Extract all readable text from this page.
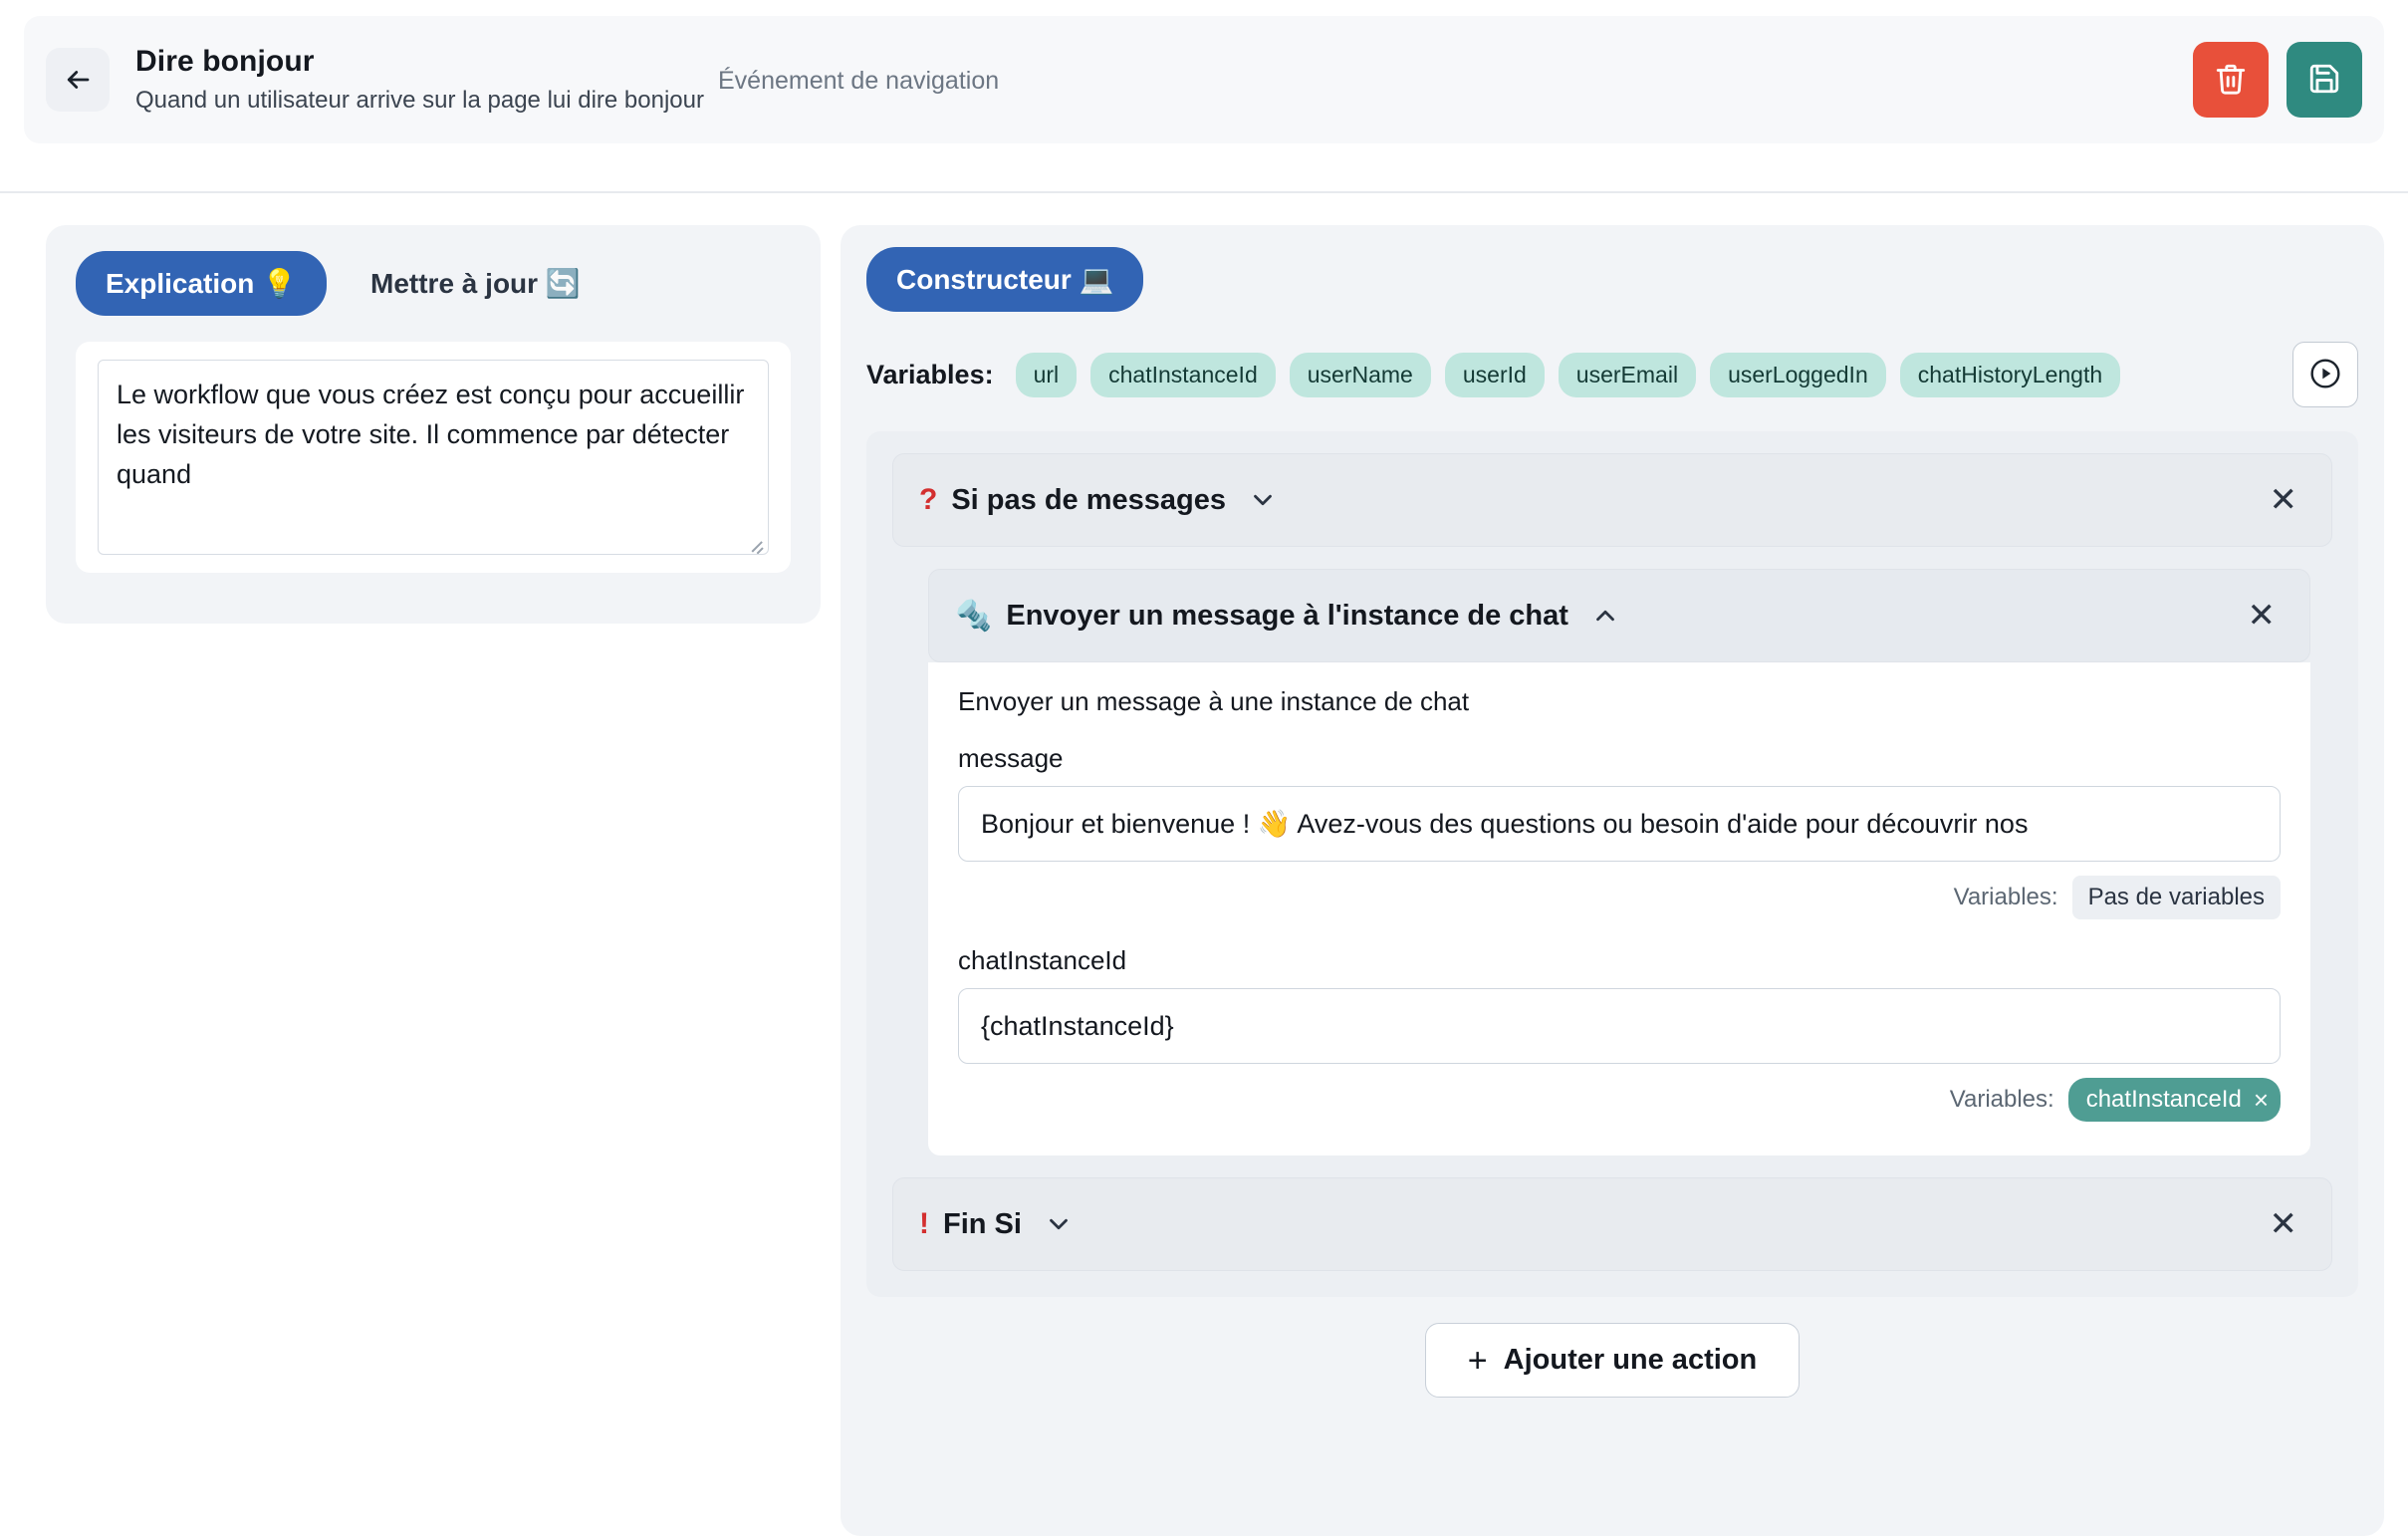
Dire bonjour
Quand un utilisateur arrive sur la page lui dire bonjour
Événement de navigation
Explication 💡	Mettre à jour 🔄
Le workflow que vous créez est conçu pour accueillir les visiteurs de votre site. Il commence par détecter quand
Constructeur 💻
Variables:	url	chatInstanceId	userName	userId	userEmail	userLoggedIn	chatHistoryLength
? Si pas de messages	✕
🔩 Envoyer un message à l'instance de chat	✕
Envoyer un message à une instance de chat
message
Bonjour et bienvenue ! 👋 Avez-vous des questions ou besoin d'aide pour découvrir nos
Variables:	Pas de variables
chatInstanceId
{chatInstanceId}
Variables: chatInstanceId ×
! Fin Si	✕
+ Ajouter une action
